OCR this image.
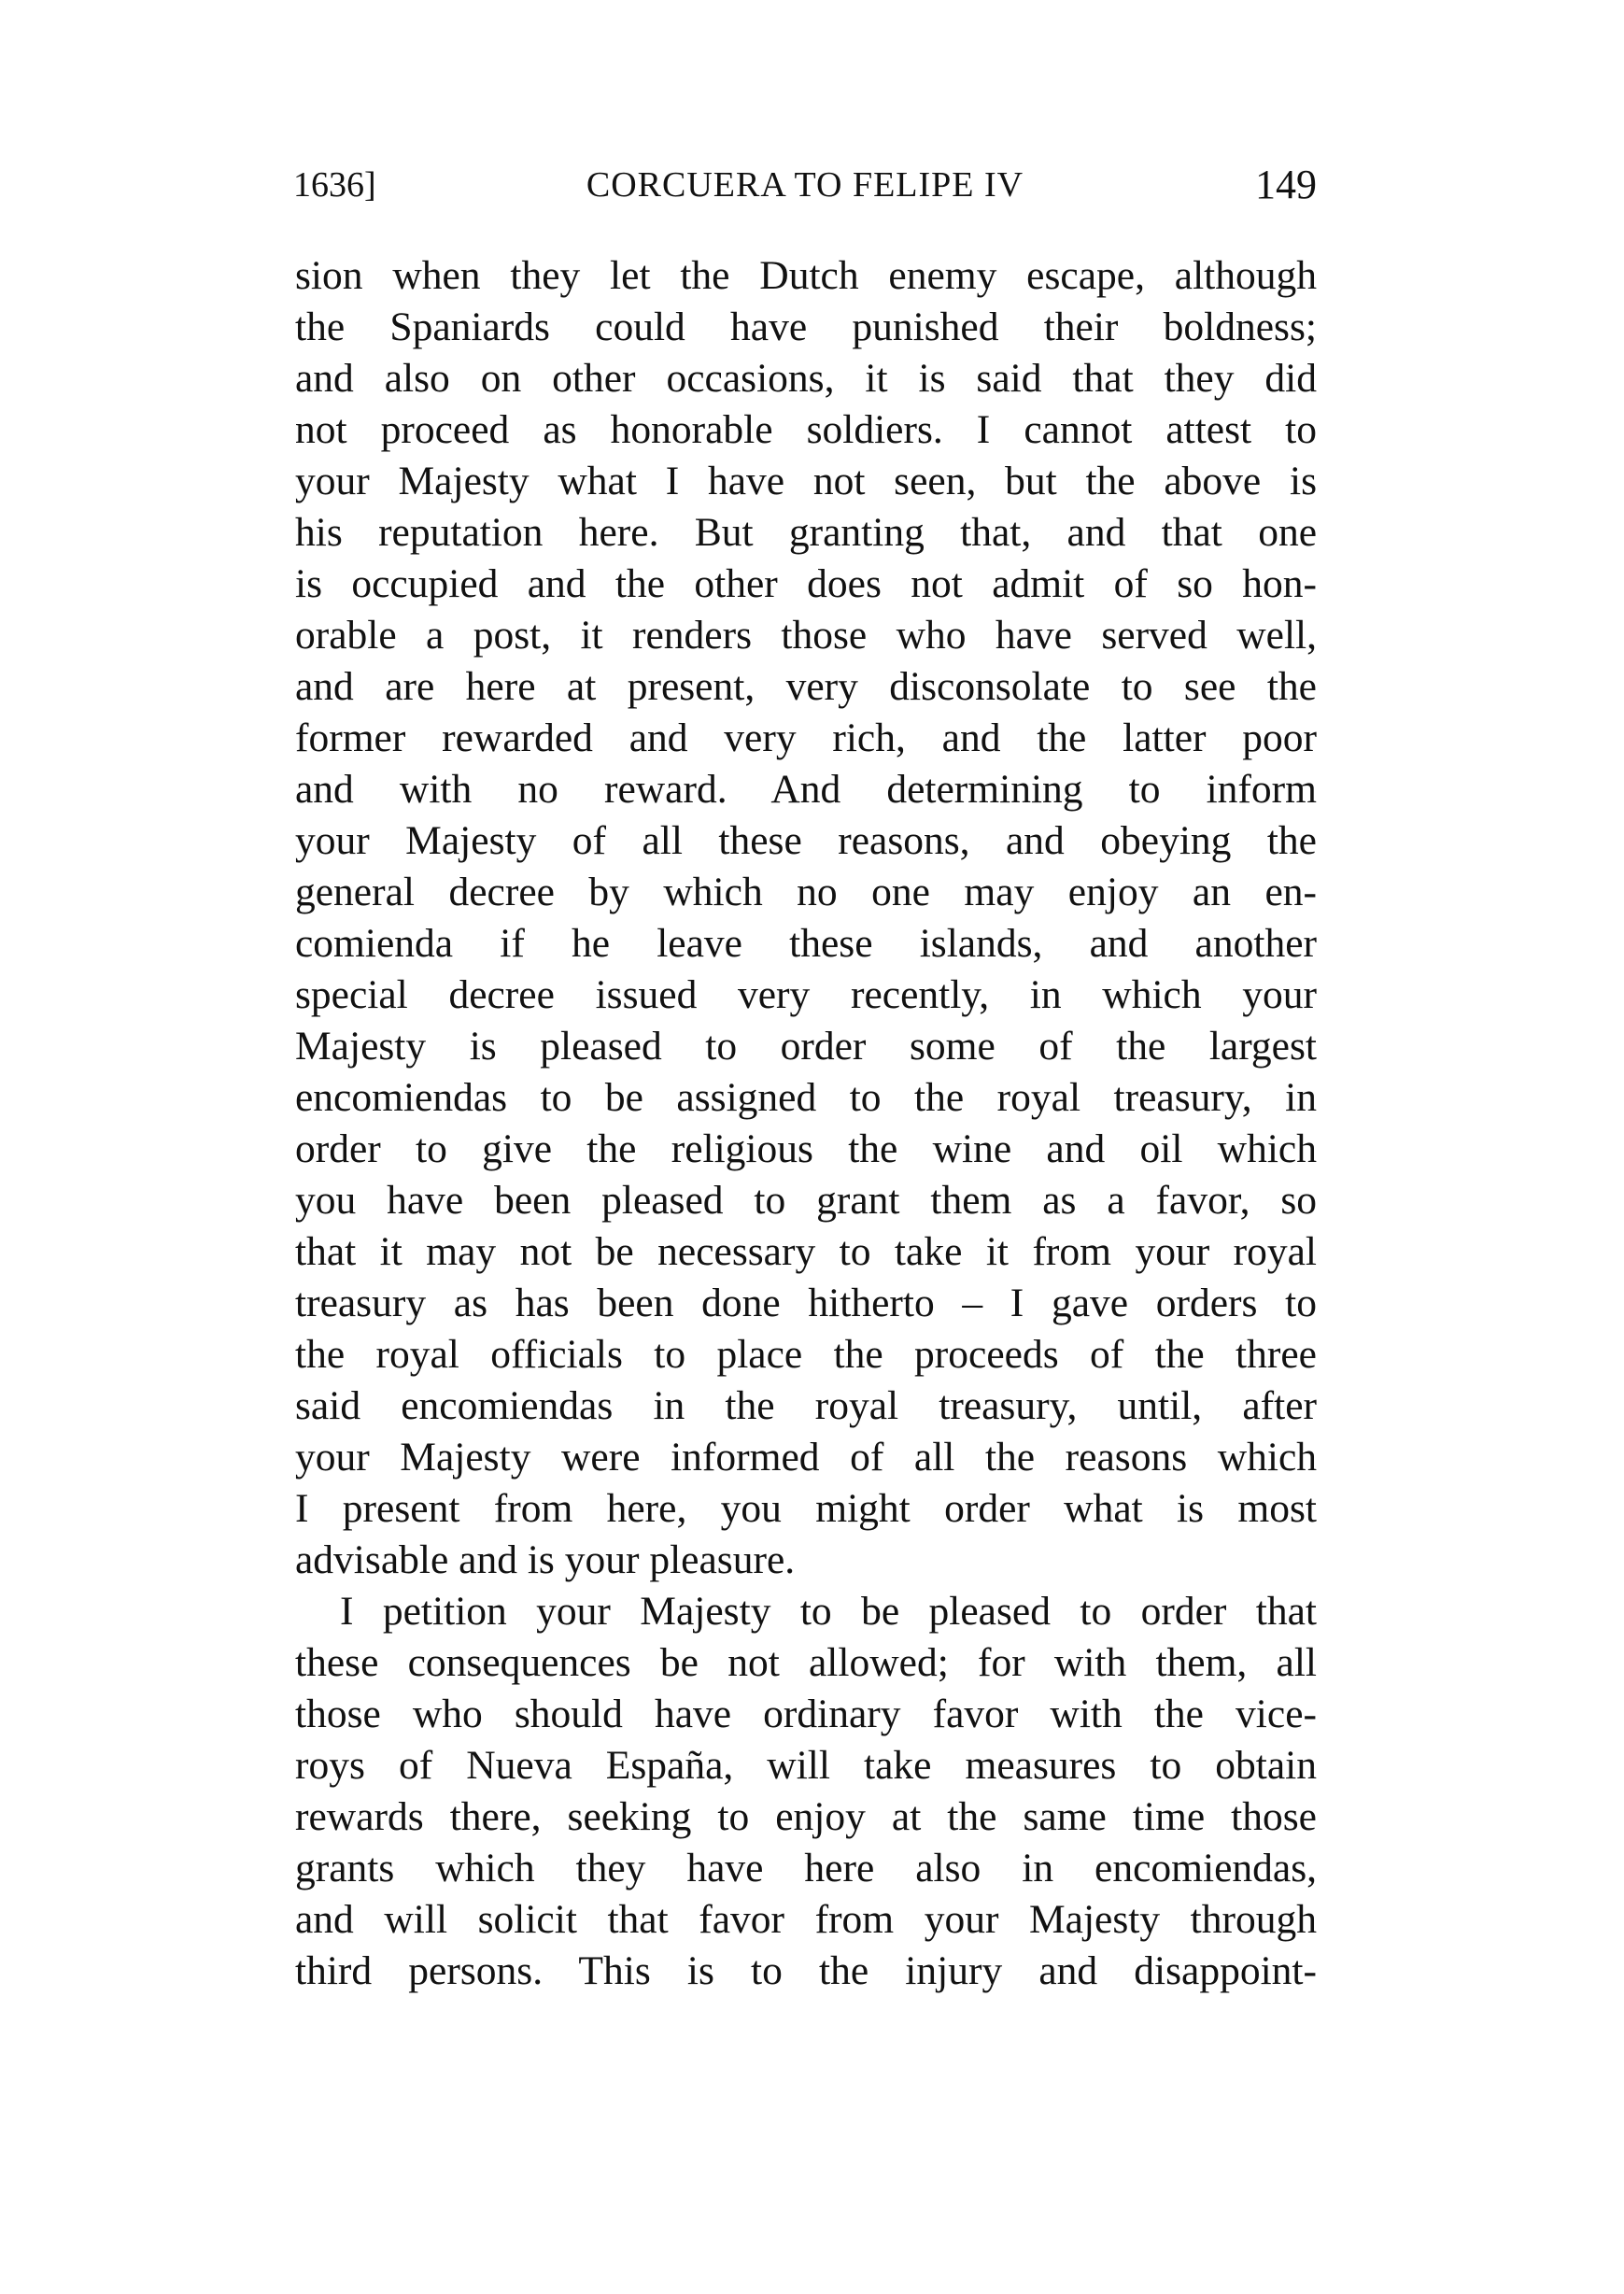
1636]	CORCUERA TO FELIPE IV	149
sion when they let the Dutch enemy escape, although
the Spaniards could have punished their boldness;
and also on other occasions, it is said that they did
not proceed as honorable soldiers. I cannot attest to
your Majesty what I have not seen, but the above is
his reputation here. But granting that, and that one
is occupied and the other does not admit of so hon-
orable a post, it renders those who have served well,
and are here at present, very disconsolate to see the
former rewarded and very rich, and the latter poor
and with no reward. And determining to inform
your Majesty of all these reasons, and obeying the
general decree by which no one may enjoy an en-
comienda if he leave these islands, and another
special decree issued very recently, in which your
Majesty is pleased to order some of the largest
encomiendas to be assigned to the royal treasury, in
order to give the religious the wine and oil which
you have been pleased to grant them as a favor, so
that it may not be necessary to take it from your royal
treasury as has been done hitherto – I gave orders to
the royal officials to place the proceeds of the three
said encomiendas in the royal treasury, until, after
your Majesty were informed of all the reasons which
I present from here, you might order what is most
advisable and is your pleasure.
I petition your Majesty to be pleased to order that
these consequences be not allowed; for with them, all
those who should have ordinary favor with the vice-
roys of Nueva España, will take measures to obtain
rewards there, seeking to enjoy at the same time those
grants which they have here also in encomiendas,
and will solicit that favor from your Majesty through
third persons. This is to the injury and disappoint-
